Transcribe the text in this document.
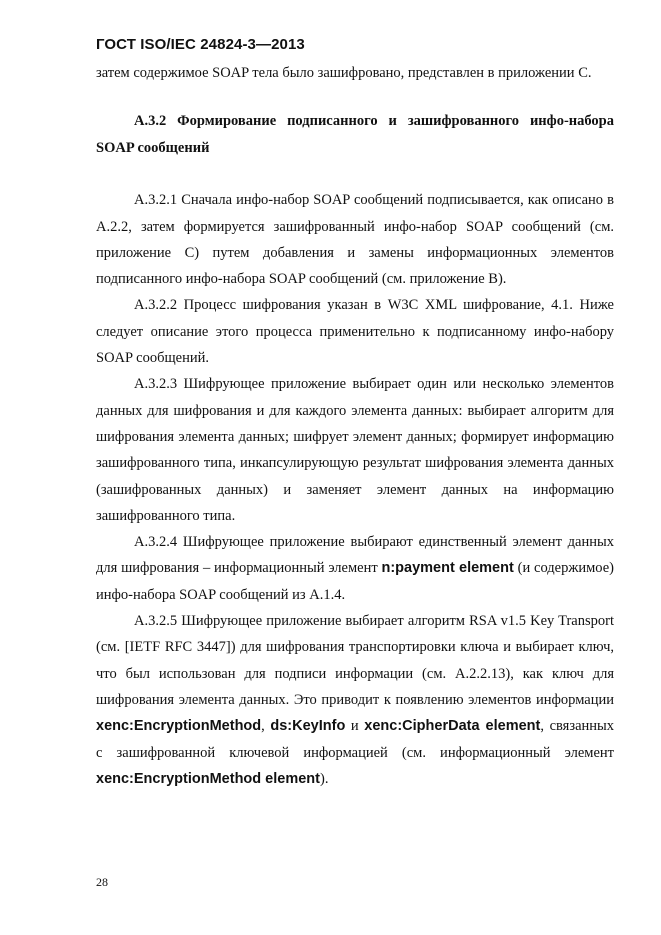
ГОСТ ISO/IEC 24824-3—2013

затем содержимое SOAP тела было зашифровано, представлен в приложении С.

А.3.2 Формирование подписанного и зашифрованного инфо-набора SOAP сообщений

А.3.2.1 Сначала инфо-набор SOAP сообщений подписывается, как описано в А.2.2, затем формируется зашифрованный инфо-набор SOAP сообщений (см. приложение С) путем добавления и замены информационных элементов подписанного инфо-набора SOAP сообщений (см. приложение В).

А.3.2.2 Процесс шифрования указан в W3C XML шифрование, 4.1. Ниже следует описание этого процесса применительно к подписанному инфо-набору SOAP сообщений.

А.3.2.3 Шифрующее приложение выбирает один или несколько элементов данных для шифрования и для каждого элемента данных: выбирает алгоритм для шифрования элемента данных; шифрует элемент данных; формирует информацию зашифрованного типа, инкапсулирующую результат шифрования элемента данных (зашифрованных данных) и заменяет элемент данных на информацию зашифрованного типа.

А.3.2.4 Шифрующее приложение выбирают единственный элемент данных для шифрования – информационный элемент n:payment element (и содержимое) инфо-набора SOAP сообщений из А.1.4.

А.3.2.5 Шифрующее приложение выбирает алгоритм RSA v1.5 Key Transport (см. [IETF RFC 3447]) для шифрования транспортировки ключа и выбирает ключ, что был использован для подписи информации (см. А.2.2.13), как ключ для шифрования элемента данных. Это приводит к появлению элементов информации xenc:EncryptionMethod, ds:KeyInfo и xenc:CipherData element, связанных с зашифрованной ключевой информацией (см. информационный элемент xenc:EncryptionMethod element).

28
